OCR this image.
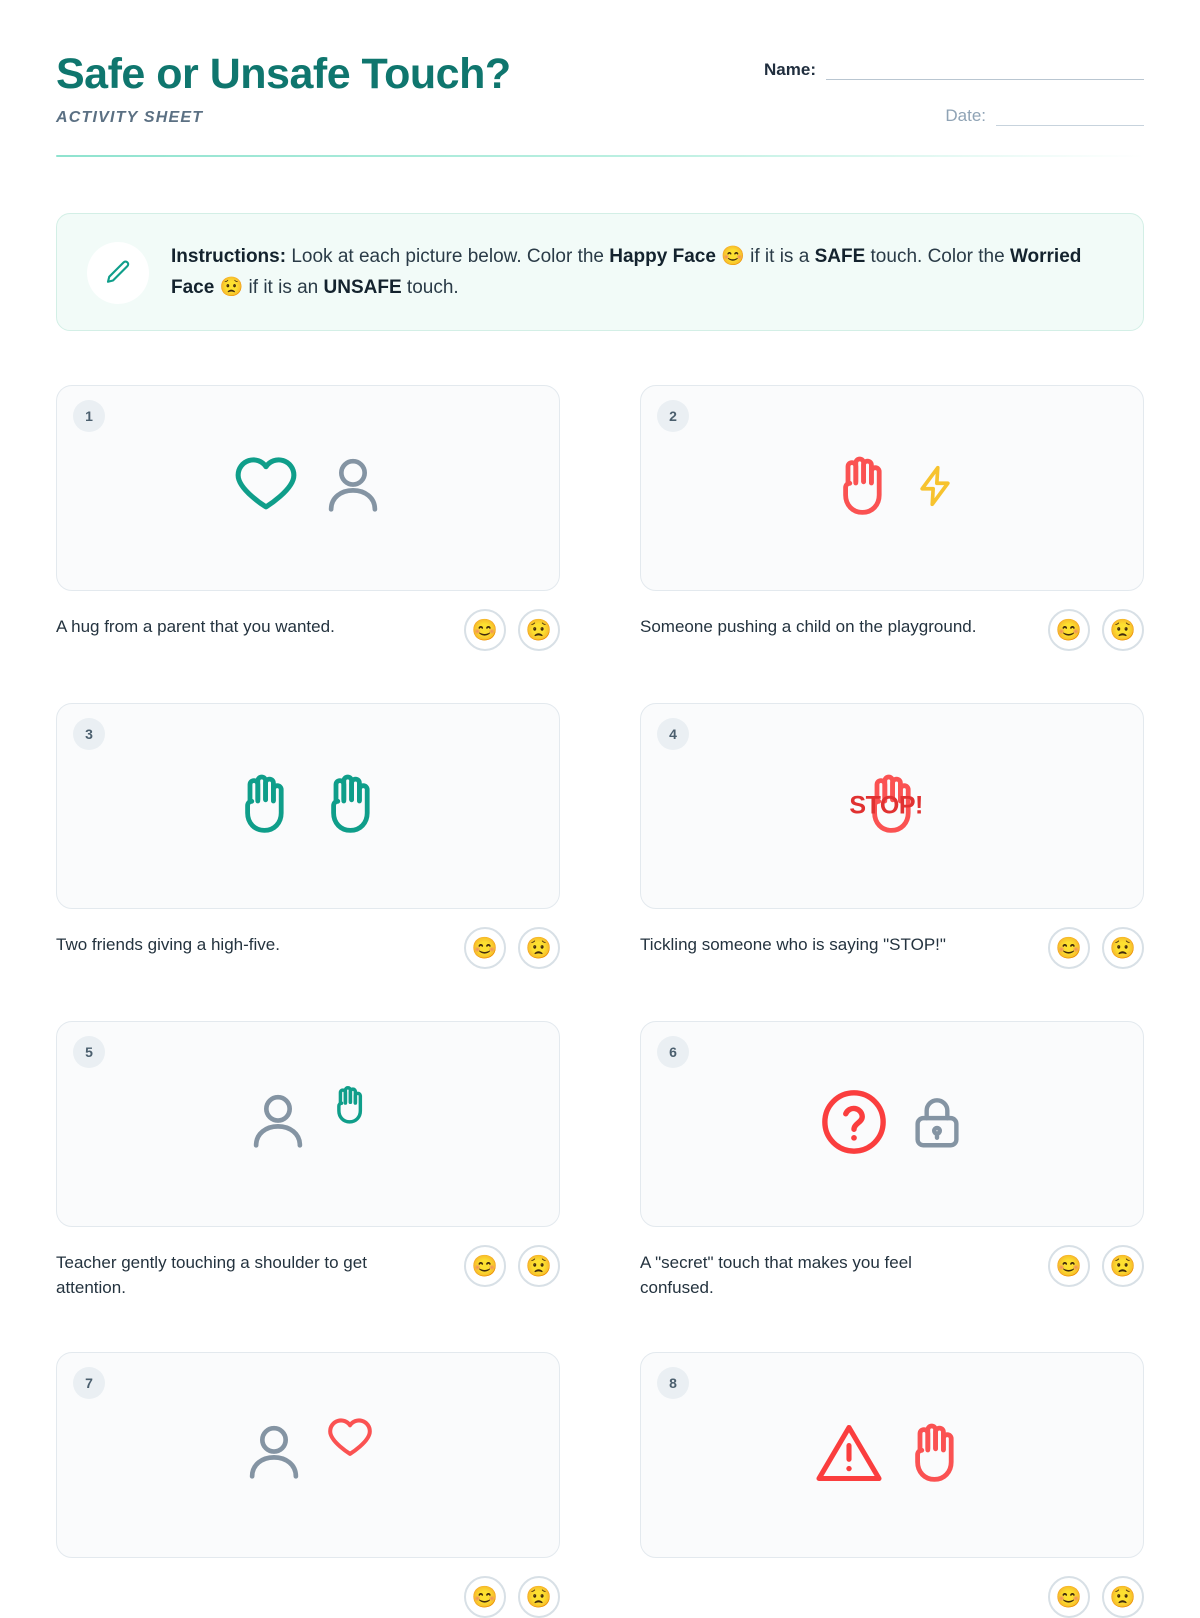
Safe or Unsafe Touch?
ACTIVITY SHEET
Name:
Date:
Instructions: Look at each picture below. Color the Happy Face 😊 if it is a SAFE touch. Color the Worried Face 😟 if it is an UNSAFE touch.
1
A hug from a parent that you wanted.	😊	😟
2
Someone pushing a child on the playground.	😊	😟
3
Two friends giving a high-five.	😊	😟
4
STOP!
Tickling someone who is saying "STOP!"	😊	😟
5
Teacher gently touching a shoulder to get attention.
😊	😟
6
A "secret" touch that makes you feel confused.
😊	😟
7
😊	😟
8
😊	😟
